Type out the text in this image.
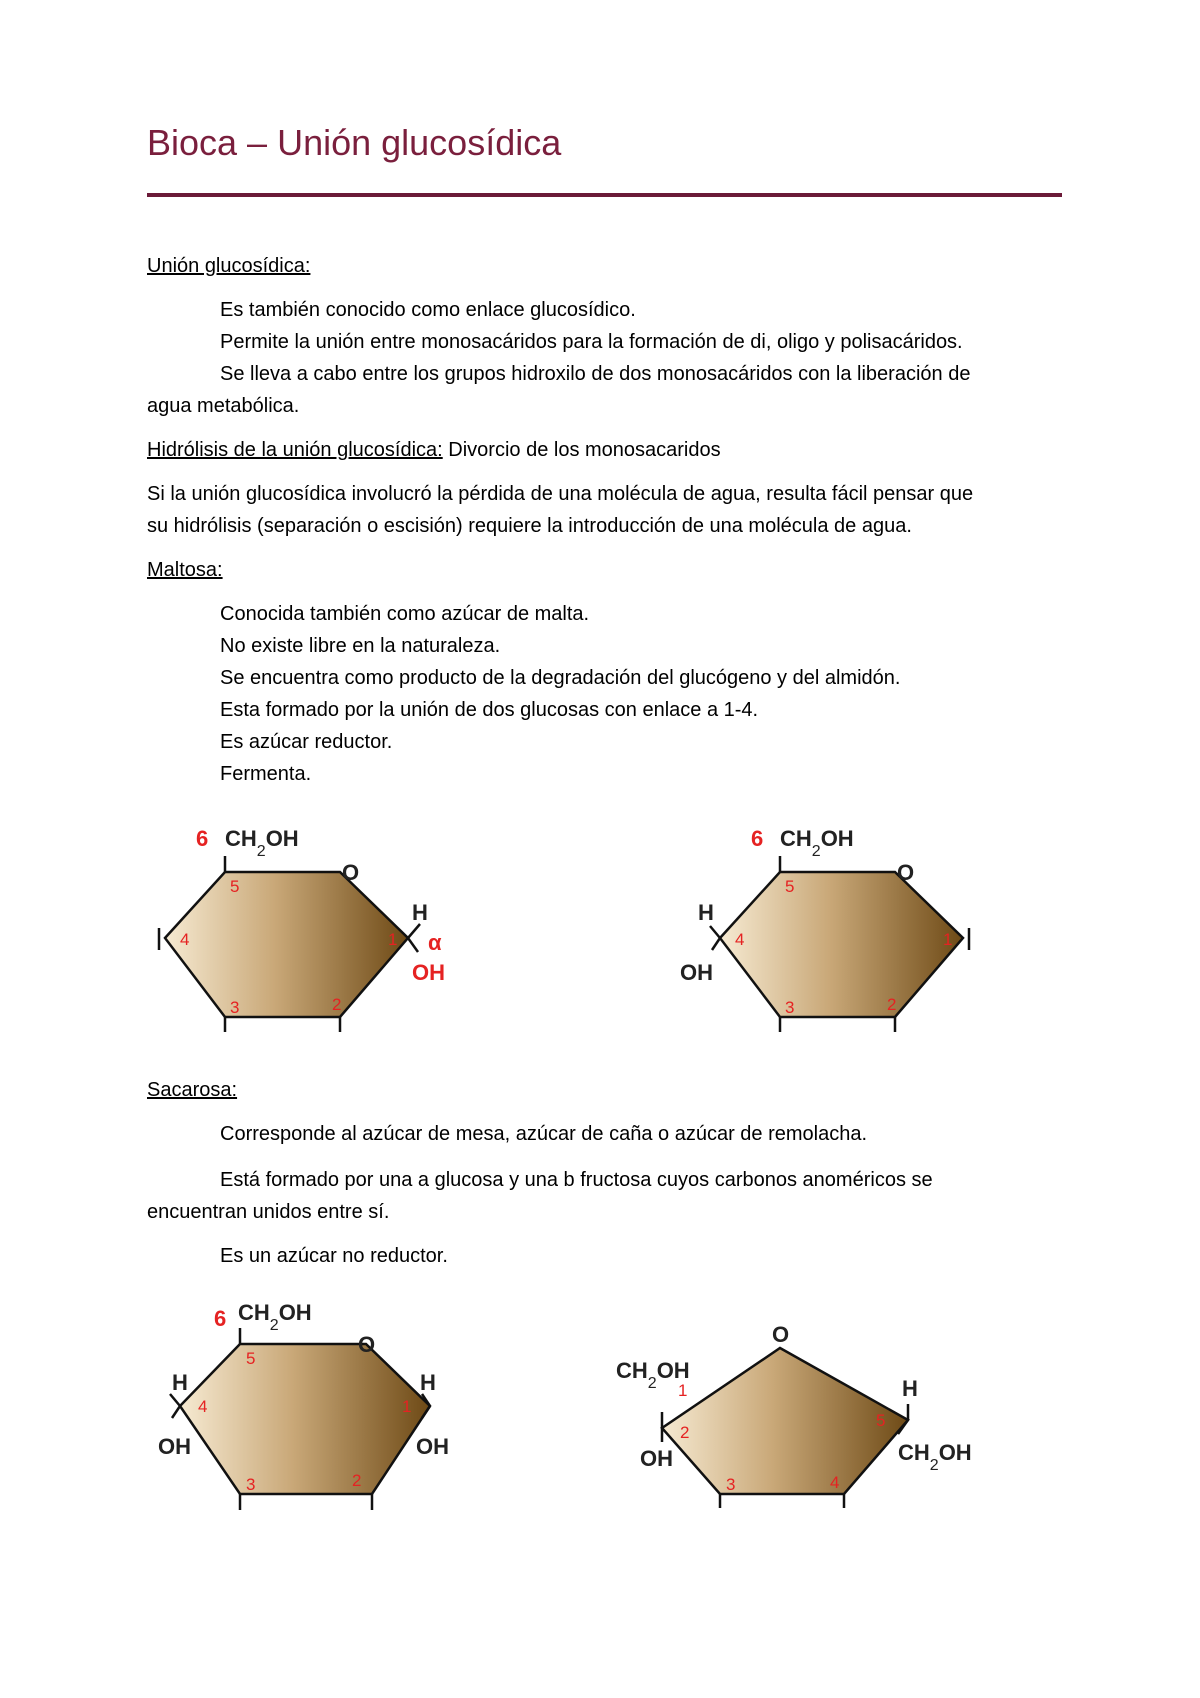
Bioca – Unión glucosídica
Unión glucosídica:
Es también conocido como enlace glucosídico.
Permite la unión entre monosacáridos para la formación de di, oligo y polisacáridos.
Se lleva a cabo entre los grupos hidroxilo de dos monosacáridos con la liberación de
agua metabólica.
Hidrólisis de la unión glucosídica: Divorcio de los monosacaridos
Si la unión glucosídica involucró la pérdida de una molécula de agua, resulta fácil pensar que
su hidrólisis (separación o escisión) requiere la introducción de una molécula de agua.
Maltosa:
Conocida también como azúcar de malta.
No existe libre en la naturaleza.
Se encuentra como producto de la degradación del glucógeno y del almidón.
Esta formado por la unión de dos glucosas con enlace a 1-4.
Es azúcar reductor.
Fermenta.
6 $CH_2OH$
O
H
α
OH
5
4
3	2
1
6 $CH_2OH$
O
H
OH
5
4
3	2
1
Sacarosa:
Corresponde al azúcar de mesa, azúcar de caña o azúcar de remolacha.
Está formado por una a glucosa y una b fructosa cuyos carbonos anoméricos se
encuentran unidos entre sí.
Es un azúcar no reductor.
6 $CH_2OH$
O
H
OH
H
OH
5
4
3	2
1
O
$CH_2OH$
1
2
OH
3	4
5
H
$CH_2OH$
